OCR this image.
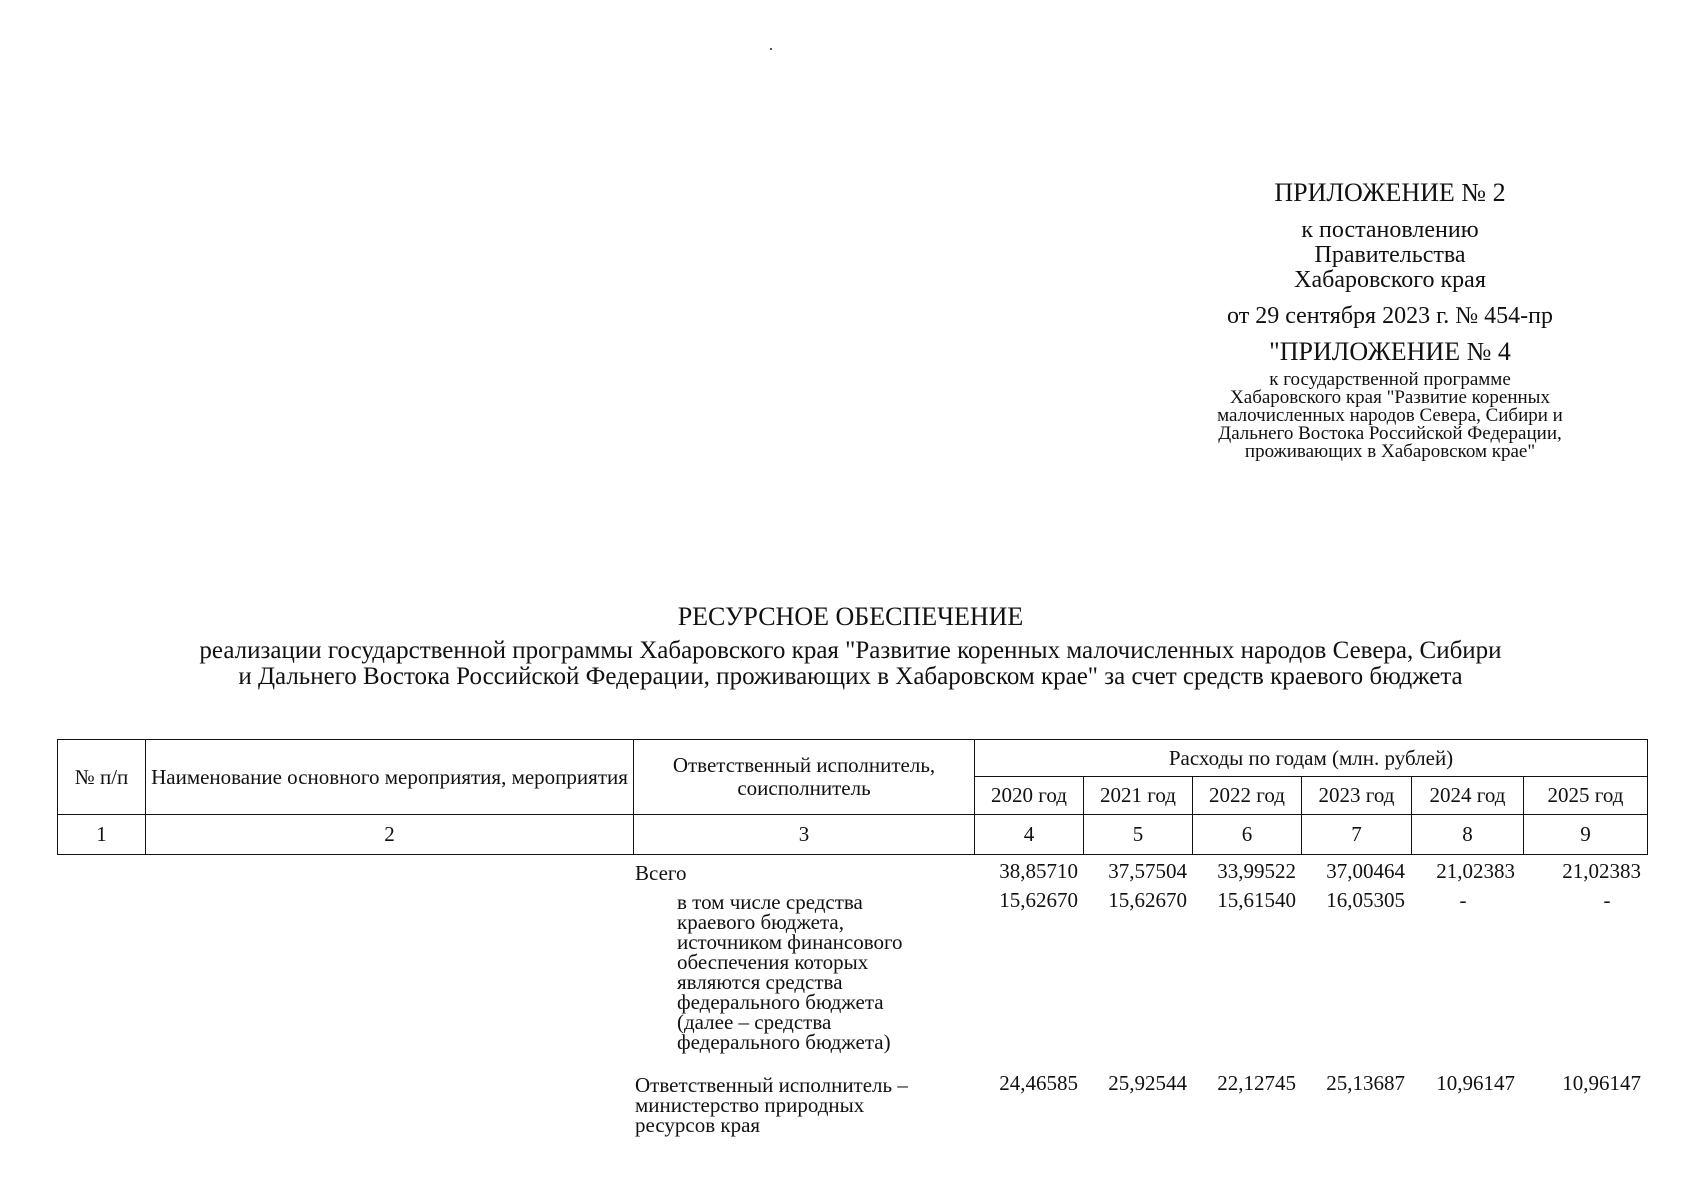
ПРИЛОЖЕНИЕ № 2
к постановлению
Правительства
Хабаровского края
от 29 сентября 2023 г. № 454-пр
"ПРИЛОЖЕНИЕ № 4
к государственной программе
Хабаровского края "Развитие коренных
малочисленных народов Севера, Сибири и
Дальнего Востока Российской Федерации,
проживающих в Хабаровском крае"
РЕСУРСНОЕ ОБЕСПЕЧЕНИЕ
реализации государственной программы Хабаровского края "Развитие коренных малочисленных народов Севера, Сибири
и Дальнего Востока Российской Федерации, проживающих в Хабаровском крае" за счет средств краевого бюджета
№ п/п	Наименование основного мероприятия, мероприятия	Ответственный исполнитель, соисполнитель	Расходы по годам (млн. рублей)					
			2020 год	2021 год	2022 год	2023 год	2024 год	2025 год
1	2	3	4	5	6	7	8	9
Всего	38,85710	37,57504	33,99522	37,00464	21,02383	21,02383
в том числе средства
краевого бюджета,
источником финансового
обеспечения которых
являются средства
федерального бюджета
(далее – средства
федерального бюджета)
15,62670	15,62670	15,61540	16,05305	-	-
Ответственный исполнитель –
министерство природных
ресурсов края
24,46585	25,92544	22,12745	25,13687	10,96147	10,96147
